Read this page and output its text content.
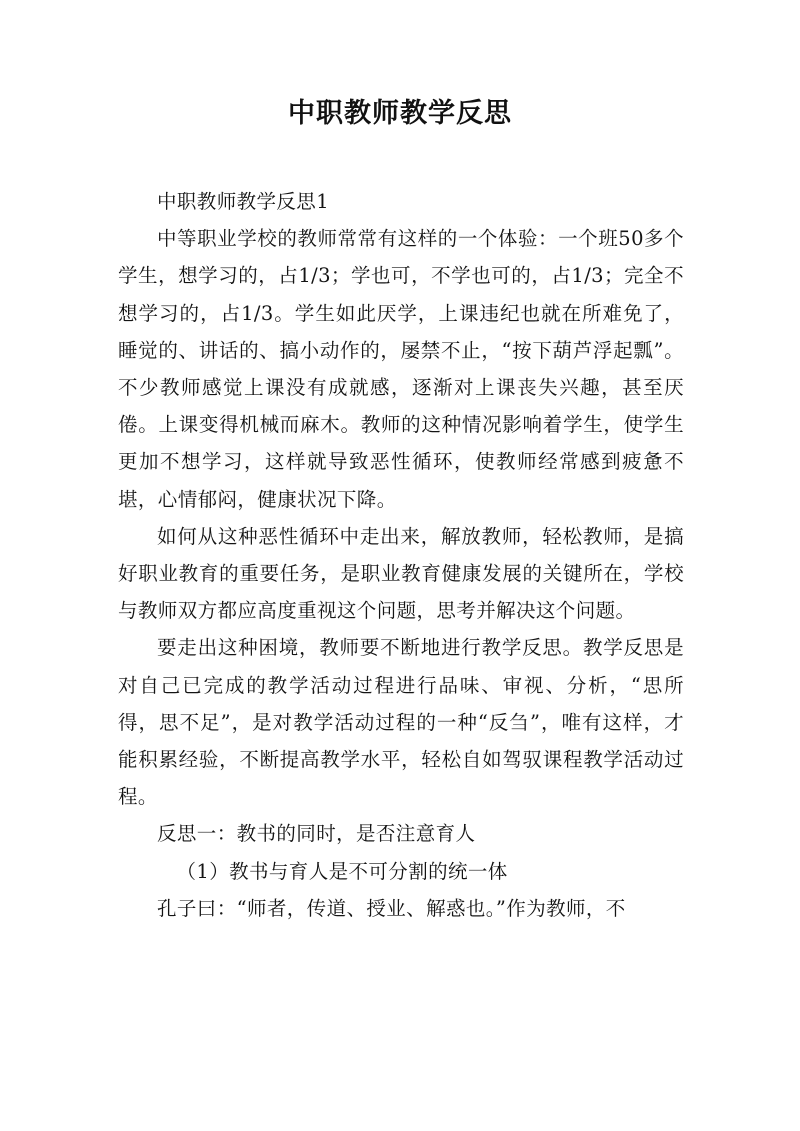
中职教师教学反思

中职教师教学反思1

中等职业学校的教师常常有这样的一个体验：一个班50多个学生，想学习的，占1/3；学也可，不学也可的，占1/3；完全不想学习的，占1/3。学生如此厌学，上课违纪也就在所难免了，睡觉的、讲话的、搞小动作的，屡禁不止，“按下葫芦浮起瓢”。不少教师感觉上课没有成就感，逐渐对上课丧失兴趣，甚至厌倦。上课变得机械而麻木。教师的这种情况影响着学生，使学生更加不想学习，这样就导致恶性循环，使教师经常感到疲惫不堪，心情郁闷，健康状况下降。

如何从这种恶性循环中走出来，解放教师，轻松教师，是搞好职业教育的重要任务，是职业教育健康发展的关键所在，学校与教师双方都应高度重视这个问题，思考并解决这个问题。

要走出这种困境，教师要不断地进行教学反思。教学反思是对自己已完成的教学活动过程进行品味、审视、分析，“思所得，思不足”，是对教学活动过程的一种“反刍”，唯有这样，才能积累经验，不断提高教学水平，轻松自如驾驭课程教学活动过程。

反思一：教书的同时，是否注意育人

（1）教书与育人是不可分割的统一体

孔子曰：“师者，传道、授业、解惑也。”作为教师，不
